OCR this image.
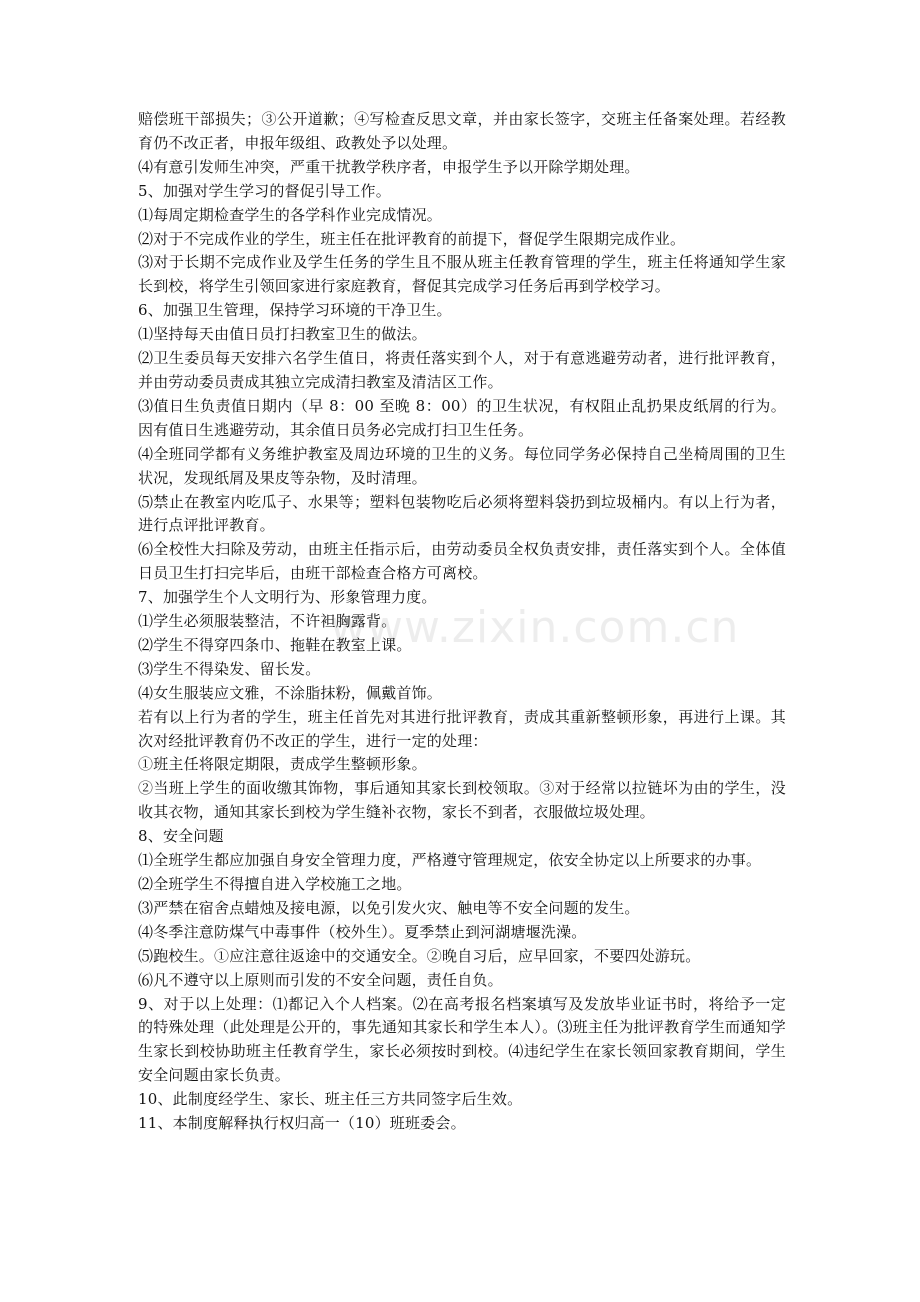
www.zixin.com.cn

赔偿班干部损失；③公开道歉；④写检查反思文章，并由家长签字，交班主任备案处理。若经教育仍不改正者，申报年级组、政教处予以处理。

⑷有意引发师生冲突，严重干扰教学秩序者，申报学生予以开除学期处理。

5、加强对学生学习的督促引导工作。

⑴每周定期检查学生的各学科作业完成情况。

⑵对于不完成作业的学生，班主任在批评教育的前提下，督促学生限期完成作业。

⑶对于长期不完成作业及学生任务的学生且不服从班主任教育管理的学生，班主任将通知学生家长到校，将学生引领回家进行家庭教育，督促其完成学习任务后再到学校学习。

6、加强卫生管理，保持学习环境的干净卫生。

⑴坚持每天由值日员打扫教室卫生的做法。

⑵卫生委员每天安排六名学生值日，将责任落实到个人，对于有意逃避劳动者，进行批评教育，并由劳动委员责成其独立完成清扫教室及清洁区工作。

⑶值日生负责值日期内（早 8：00 至晚 8：00）的卫生状况，有权阻止乱扔果皮纸屑的行为。因有值日生逃避劳动，其余值日员务必完成打扫卫生任务。

⑷全班同学都有义务维护教室及周边环境的卫生的义务。每位同学务必保持自己坐椅周围的卫生状况，发现纸屑及果皮等杂物，及时清理。

⑸禁止在教室内吃瓜子、水果等；塑料包装物吃后必须将塑料袋扔到垃圾桶内。有以上行为者，进行点评批评教育。

⑹全校性大扫除及劳动，由班主任指示后，由劳动委员全权负责安排，责任落实到个人。全体值日员卫生打扫完毕后，由班干部检查合格方可离校。

7、加强学生个人文明行为、形象管理力度。

⑴学生必须服装整洁，不许袒胸露背。

⑵学生不得穿四条巾、拖鞋在教室上课。

⑶学生不得染发、留长发。

⑷女生服装应文雅，不涂脂抹粉，佩戴首饰。

若有以上行为者的学生，班主任首先对其进行批评教育，责成其重新整顿形象，再进行上课。其次对经批评教育仍不改正的学生，进行一定的处理：

①班主任将限定期限，责成学生整顿形象。

②当班上学生的面收缴其饰物，事后通知其家长到校领取。③对于经常以拉链坏为由的学生，没收其衣物，通知其家长到校为学生缝补衣物，家长不到者，衣服做垃圾处理。

8、安全问题

⑴全班学生都应加强自身安全管理力度，严格遵守管理规定，依安全协定以上所要求的办事。

⑵全班学生不得擅自进入学校施工之地。

⑶严禁在宿舍点蜡烛及接电源，以免引发火灾、触电等不安全问题的发生。

⑷冬季注意防煤气中毒事件（校外生）。夏季禁止到河湖塘堰洗澡。

⑸跑校生。①应注意往返途中的交通安全。②晚自习后，应早回家，不要四处游玩。

⑹凡不遵守以上原则而引发的不安全问题，责任自负。

9、对于以上处理：⑴都记入个人档案。⑵在高考报名档案填写及发放毕业证书时，将给予一定的特殊处理（此处理是公开的，事先通知其家长和学生本人）。⑶班主任为批评教育学生而通知学生家长到校协助班主任教育学生，家长必须按时到校。⑷违纪学生在家长领回家教育期间，学生安全问题由家长负责。

10、此制度经学生、家长、班主任三方共同签字后生效。

11、本制度解释执行权归高一（10）班班委会。
